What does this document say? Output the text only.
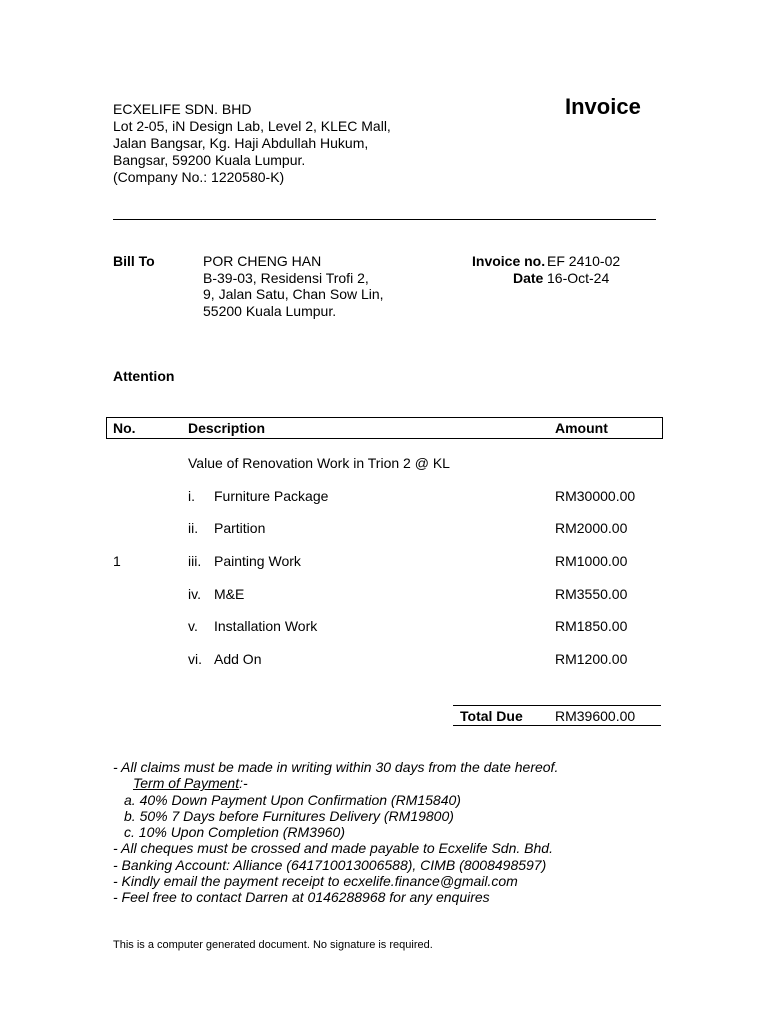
ECXELIFE SDN. BHD
Lot 2-05, iN Design Lab, Level 2, KLEC Mall,
Jalan Bangsar, Kg. Haji Abdullah Hukum,
Bangsar, 59200 Kuala Lumpur.
(Company No.: 1220580-K)
Invoice
Bill To	POR CHENG HAN
B-39-03, Residensi Trofi 2,
9, Jalan Satu, Chan Sow Lin,
55200 Kuala Lumpur.
Invoice no. EF 2410-02
Date 16-Oct-24
Attention
No.	Description	Amount
Value of Renovation Work in Trion 2 @ KL
1
i. Furniture Package	RM30000.00
ii. Partition	RM2000.00
iii. Painting Work	RM1000.00
iv. M&E	RM3550.00
v. Installation Work	RM1850.00
vi. Add On	RM1200.00
Total Due RM39600.00
- All claims must be made in writing within 30 days from the date hereof.
Term of Payment:-
a. 40% Down Payment Upon Confirmation (RM15840)
b. 50% 7 Days before Furnitures Delivery (RM19800)
c. 10% Upon Completion (RM3960)
- All cheques must be crossed and made payable to Ecxelife Sdn. Bhd.
- Banking Account: Alliance (641710013006588), CIMB (8008498597)
- Kindly email the payment receipt to ecxelife.finance@gmail.com
- Feel free to contact Darren at 0146288968 for any enquires
This is a computer generated document. No signature is required.
